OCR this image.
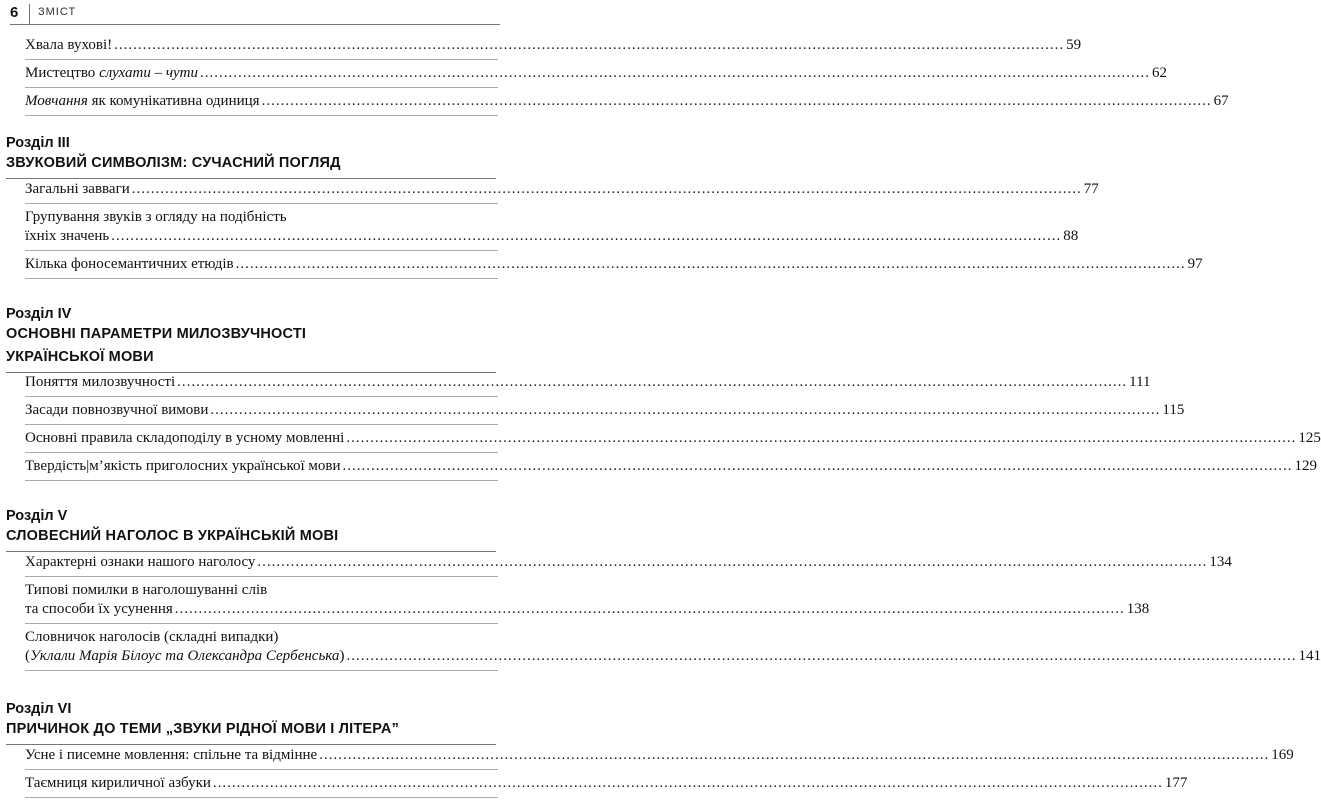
6 ЗМІСТ
Хвала вухові! ........................................................................................................................................................................................................ 59
Мистецтво слухати – чути ........................................................................................................................................................................................................ 62
Мовчання як комунікативна одиниця ........................................................................................................................................................................................................ 67
Розділ III
ЗВУКОВИЙ СИМВОЛІЗМ: СУЧАСНИЙ ПОГЛЯД
Загальні завваги ........................................................................................................................................................................................................ 77
Групування звуків з огляду на подібність
їхніх значень ........................................................................................................................................................................................................ 88
Кілька фоносемантичних етюдів ........................................................................................................................................................................................................ 97
Розділ IV
ОСНОВНІ ПАРАМЕТРИ МИЛОЗВУЧНОСТІ
УКРАЇНСЬКОЇ МОВИ
Поняття милозвучності ........................................................................................................................................................................................................ 111
Засади повнозвучної вимови ........................................................................................................................................................................................................ 115
Основні правила складоподілу в усному мовленні ........................................................................................................................................................................................................ 125
Твердість|м’якість приголосних української мови ........................................................................................................................................................................................................ 129
Розділ V
СЛОВЕСНИЙ НАГОЛОС В УКРАЇНСЬКІЙ МОВІ
Характерні ознаки нашого наголосу ........................................................................................................................................................................................................ 134
Типові помилки в наголошуванні слів
та способи їх усунення ........................................................................................................................................................................................................ 138
Словничок наголосів (складні випадки)
(Уклали Марія Білоус та Олександра Сербенська) ........................................................................................................................................................................................................ 141
Розділ VI
ПРИЧИНОК ДО ТЕМИ „ЗВУКИ РІДНОЇ МОВИ І ЛІТЕРА”
Усне і писемне мовлення: спільне та відмінне ........................................................................................................................................................................................................ 169
Таємниця кириличної азбуки ........................................................................................................................................................................................................ 177
